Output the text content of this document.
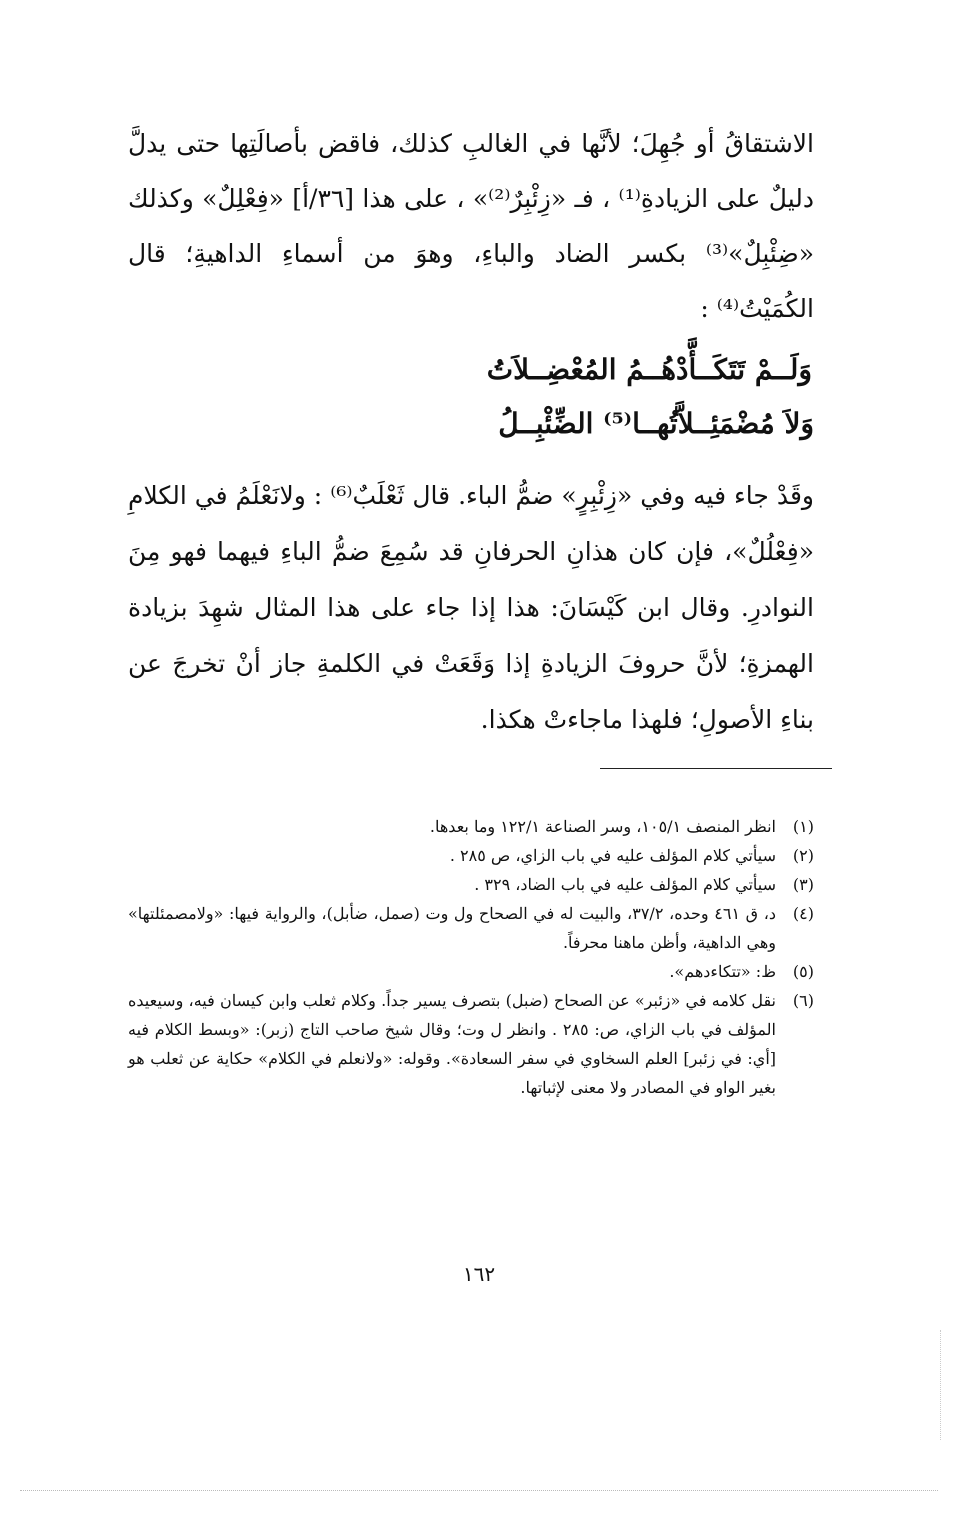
الاشتقاقُ أو جُهِلَ؛ لأنَّها في الغالبِ كذلك، فاقض بأصالَتِها حتى يدلَّ دليلٌ على الزيادةِ⁽¹⁾ ، فـ «زِئْبِرٌ⁽²⁾» ، على هذا [٣٦/أ] «فِعْلِلٌ» وكذلك «ضِئْبِلٌ»⁽³⁾ بكسر الضاد والباءِ، وهوَ من أسماءِ الداهيةِ؛ قال الكُمَيْتُ⁽⁴⁾ :

وَلَــمْ تَتَكَــأَّدْهُــمُ المُعْضِــلاَتُ
وَلاَ مُضْمَئِــلاَّتُهــا⁽⁵⁾ الضِّئْبِــلُ

وقَدْ جاء فيه وفي «زِئْبِرٍ» ضمُّ الباء. قال ثَعْلَبٌ⁽⁶⁾ : ولانَعْلَمُ في الكلامِ «فِعْلُلٌ»، فإن كان هذانِ الحرفانِ قد سُمِعَ ضمُّ الباءِ فيهما فهو مِنَ النوادرِ. وقال ابن كَيْسَانَ: هذا إذا جاء على هذا المثال شهِدَ بزيادة الهمزةِ؛ لأنَّ حروفَ الزيادةِ إذا وَقَعَتْ في الكلمةِ جاز أنْ تخرجَ عن بناءِ الأصولِ؛ فلهذا ماجاءتْ هكذا.

(١)
انظر المنصف ١٠٥/١، وسر الصناعة ١٢٢/١ وما بعدها.
(٢)
سيأتي كلام المؤلف عليه في باب الزاي، ص ٢٨٥ .
(٣)
سيأتي كلام المؤلف عليه في باب الضاد، ٣٢٩ .
(٤)
د، ق ٤٦١ وحده، ٣٧/٢، والبيت له في الصحاح ول وت (صمل، ضأبل)، والرواية فيها: «ولامصمئلتها» وهي الداهية، وأظن ماهنا محرفاً.
(٥)
ظ: «تتكاءدهم».
(٦)
نقل كلامه في «زئبر» عن الصحاح (ضبل) بتصرف يسير جداً. وكلام ثعلب وابن كيسان فيه، وسيعيده المؤلف في باب الزاي، ص: ٢٨٥ . وانظر ل وت؛ وقال شيخ صاحب التاج (زبر): «وبسط الكلام فيه [أي: في زئبر] العلم السخاوي في سفر السعادة». وقوله: «ولانعلم في الكلام» حكاية عن ثعلب هو بغير الواو في المصادر ولا معنى لإثباتها.
١٦٢
